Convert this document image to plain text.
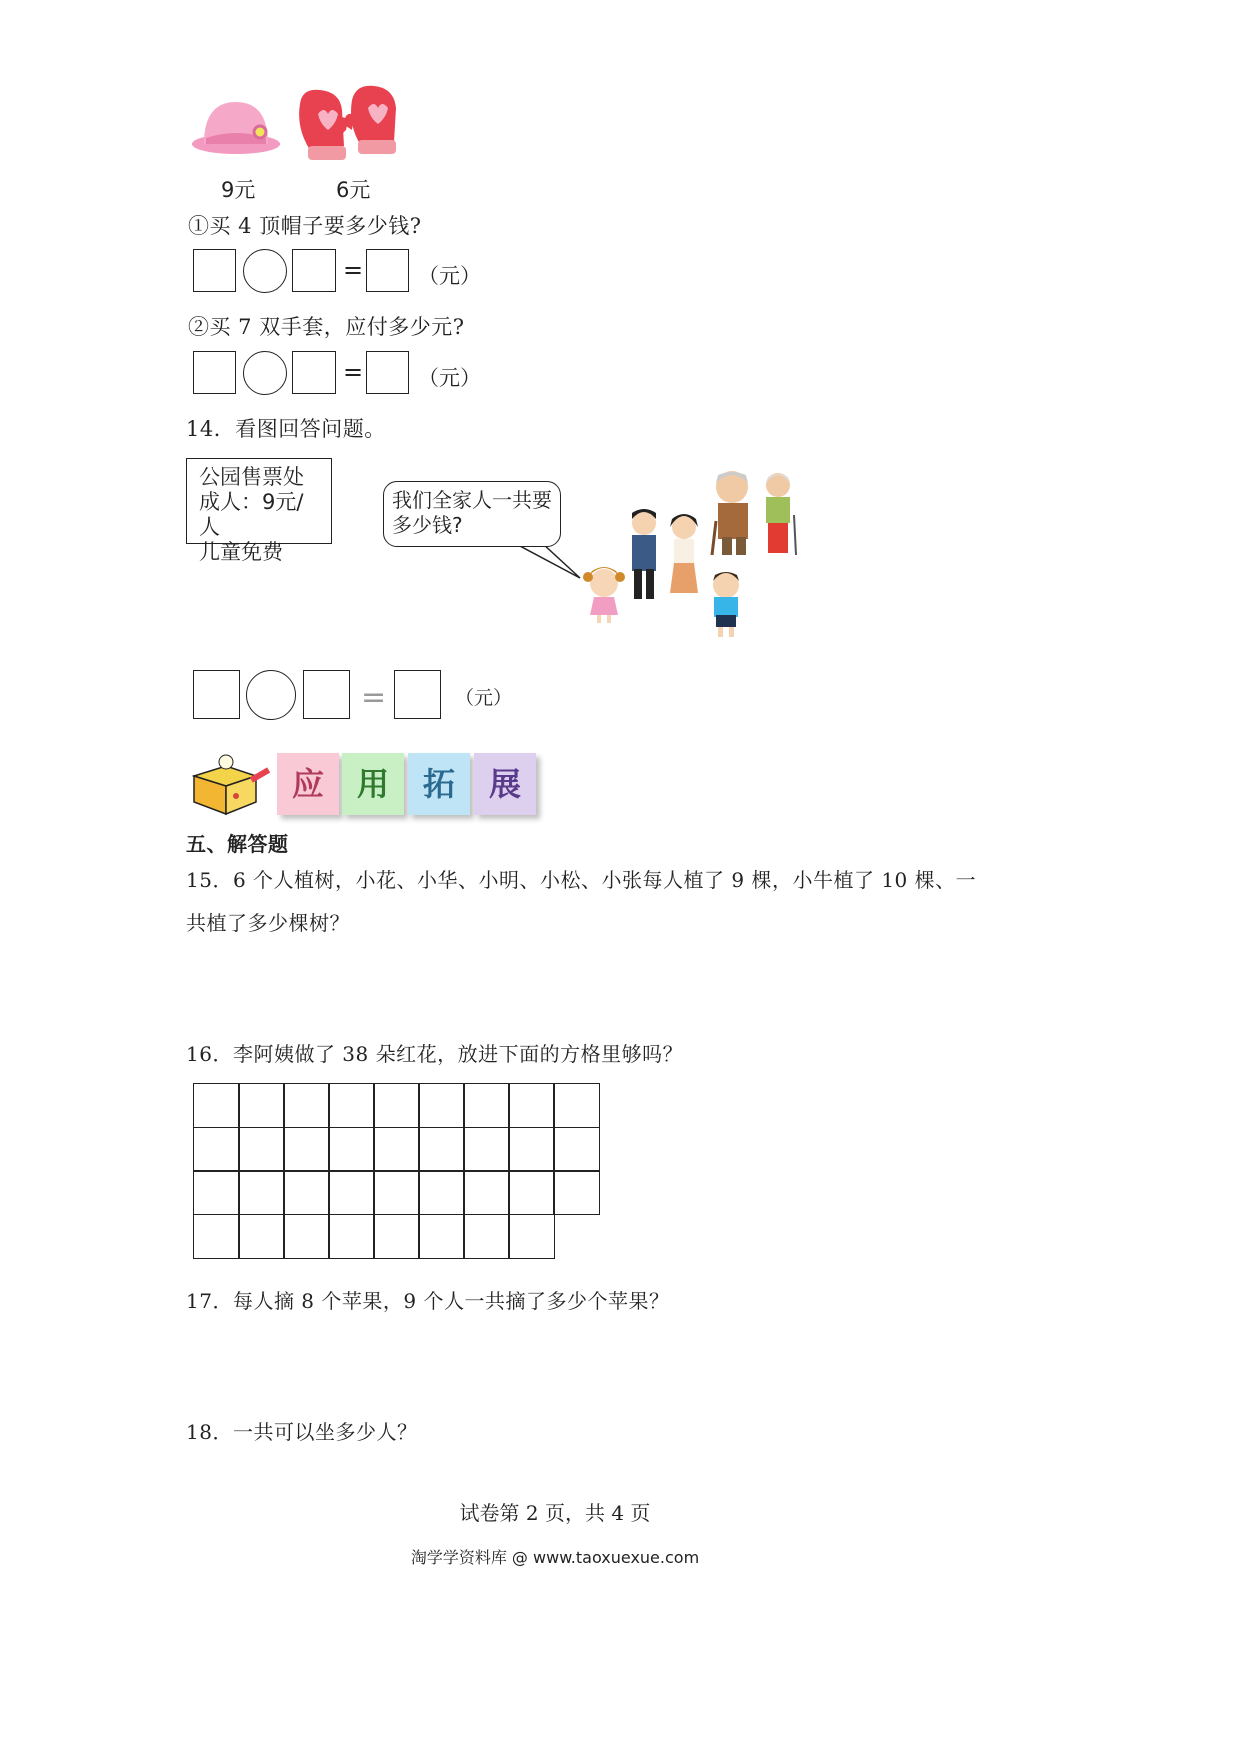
9元	6元
①买 4 顶帽子要多少钱?
=	（元）
②买 7 双手套，应付多少元?
=	（元）
14．看图回答问题。
公园售票处
成人：9元/人
儿童免费
我们全家人一共要
多少钱?
=	（元）
应	用	拓	展
五、解答题
15．6 个人植树，小花、小华、小明、小松、小张每人植了 9 棵，小牛植了 10 棵、一
共植了多少棵树？
16．李阿姨做了 38 朵红花，放进下面的方格里够吗？
17．每人摘 8 个苹果，9 个人一共摘了多少个苹果？
18．一共可以坐多少人？
试卷第 2 页，共 4 页
淘学学资料库 @ www.taoxuexue.com
